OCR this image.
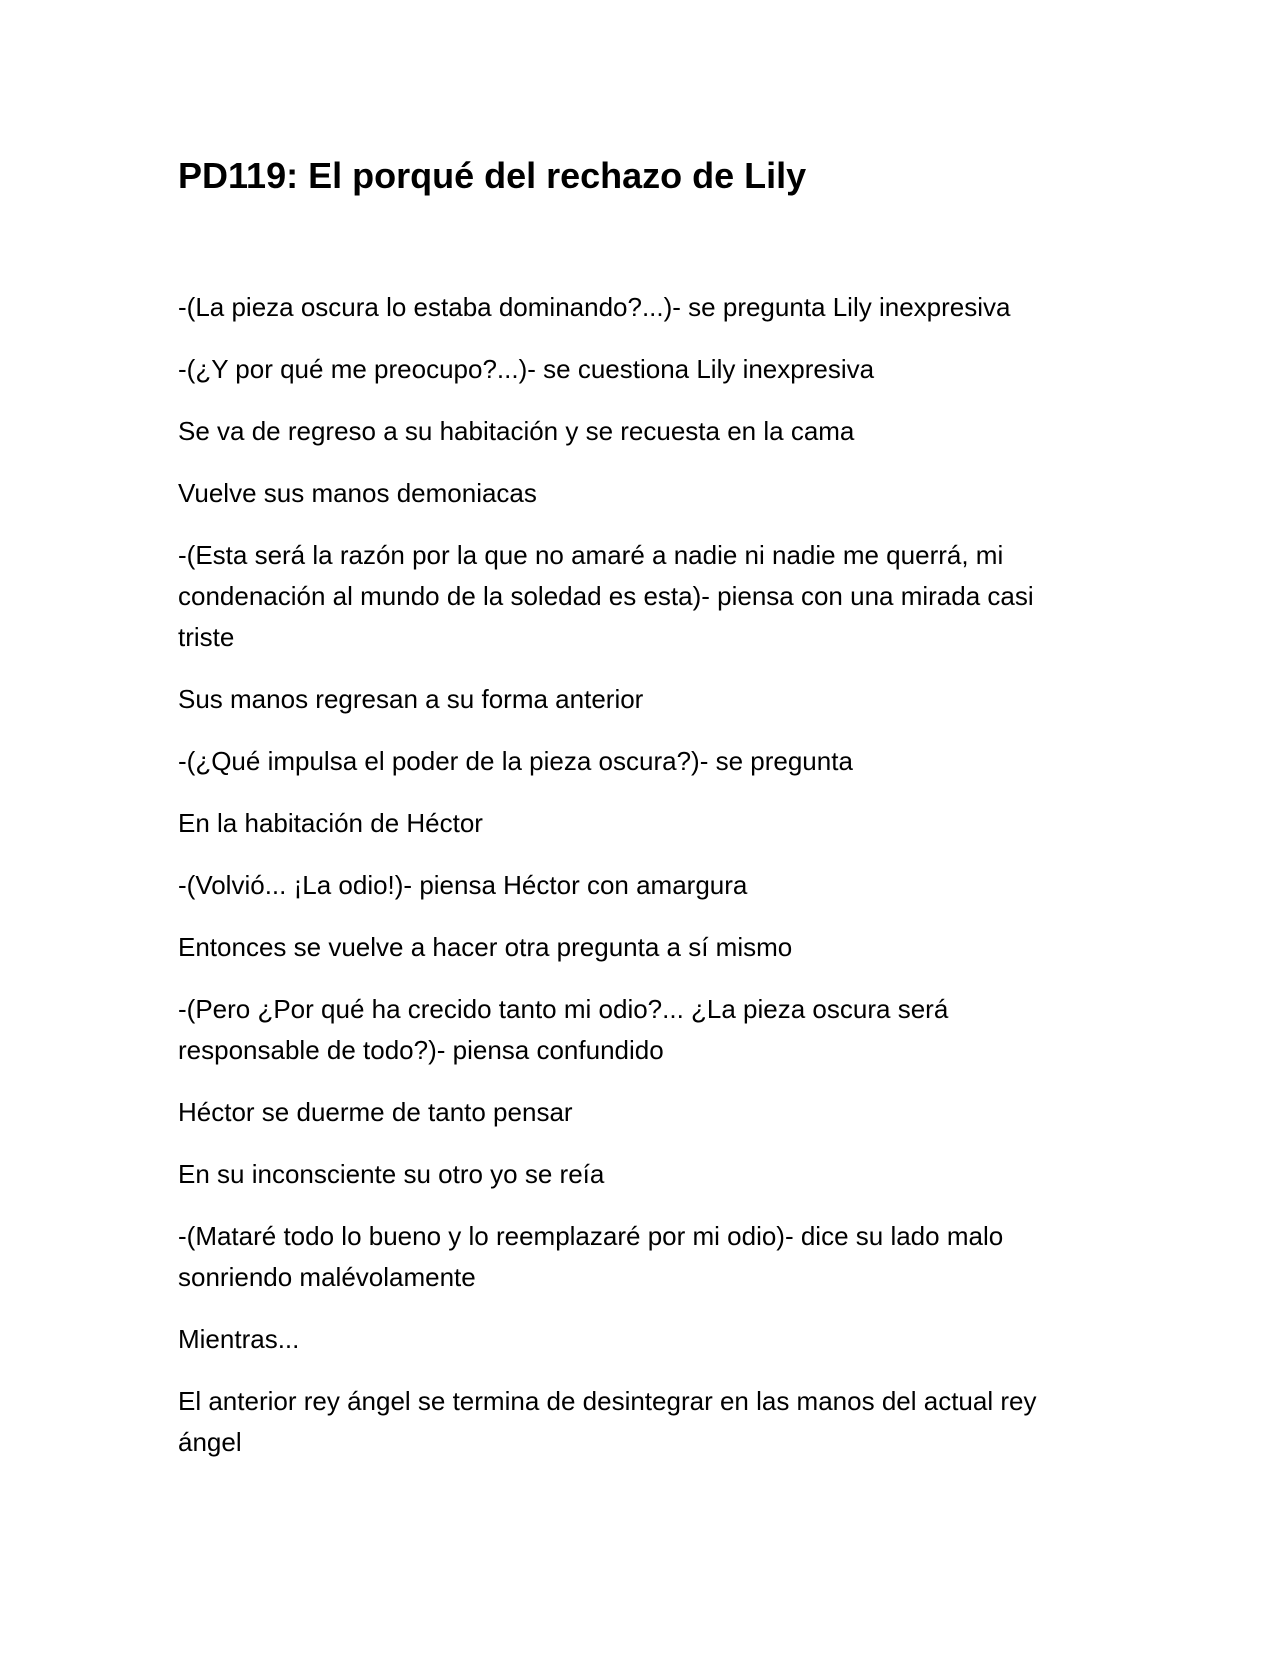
PD119: El porqué del rechazo de Lily

-(La pieza oscura lo estaba dominando?...)- se pregunta Lily inexpresiva

-(¿Y por qué me preocupo?...)- se cuestiona Lily inexpresiva

Se va de regreso a su habitación y se recuesta en la cama

Vuelve sus manos demoniacas

-(Esta será la razón por la que no amaré a nadie ni nadie me querrá, mi condenación al mundo de la soledad es esta)- piensa con una mirada casi triste

Sus manos regresan a su forma anterior

-(¿Qué impulsa el poder de la pieza oscura?)- se pregunta

En la habitación de Héctor

-(Volvió... ¡La odio!)- piensa Héctor con amargura

Entonces se vuelve a hacer otra pregunta a sí mismo

-(Pero ¿Por qué ha crecido tanto mi odio?... ¿La pieza oscura será responsable de todo?)- piensa confundido

Héctor se duerme de tanto pensar

En su inconsciente su otro yo se reía

-(Mataré todo lo bueno y lo reemplazaré por mi odio)- dice su lado malo sonriendo malévolamente

Mientras...

El anterior rey ángel se termina de desintegrar en las manos del actual rey ángel
